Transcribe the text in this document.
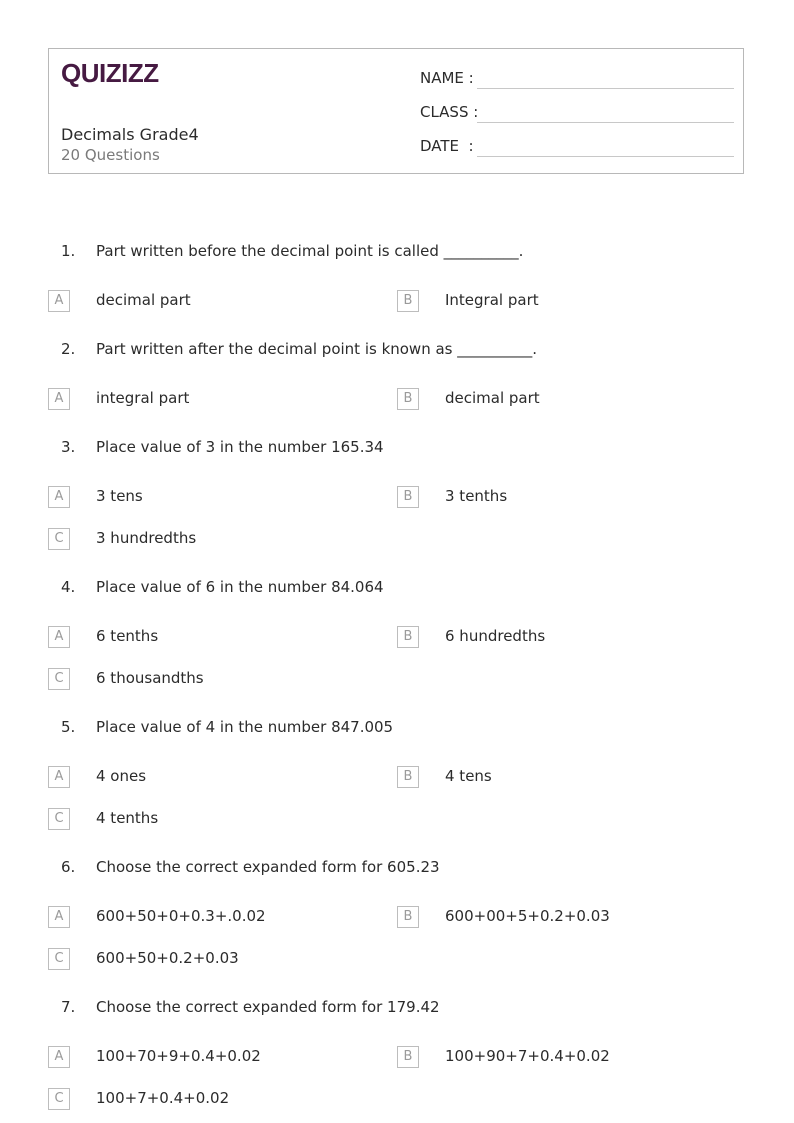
QUIZIZZ
Decimals Grade4
20 Questions
NAME :
CLASS :
DATE  :
1. Part written before the decimal point is called __________.
A	decimal part	B	Integral part
2. Part written after the decimal point is known as __________.
A	integral part	B	decimal part
3. Place value of 3 in the number 165.34
A	3 tens	B	3 tenths
C	3 hundredths
4. Place value of 6 in the number 84.064
A	6 tenths	B	6 hundredths
C	6 thousandths
5. Place value of 4 in the number 847.005
A	4 ones	B	4 tens
C	4 tenths
6. Choose the correct expanded form for 605.23
A	600+50+0+0.3+.0.02	B	600+00+5+0.2+0.03
C	600+50+0.2+0.03
7. Choose the correct expanded form for 179.42
A	100+70+9+0.4+0.02	B	100+90+7+0.4+0.02
C	100+7+0.4+0.02
